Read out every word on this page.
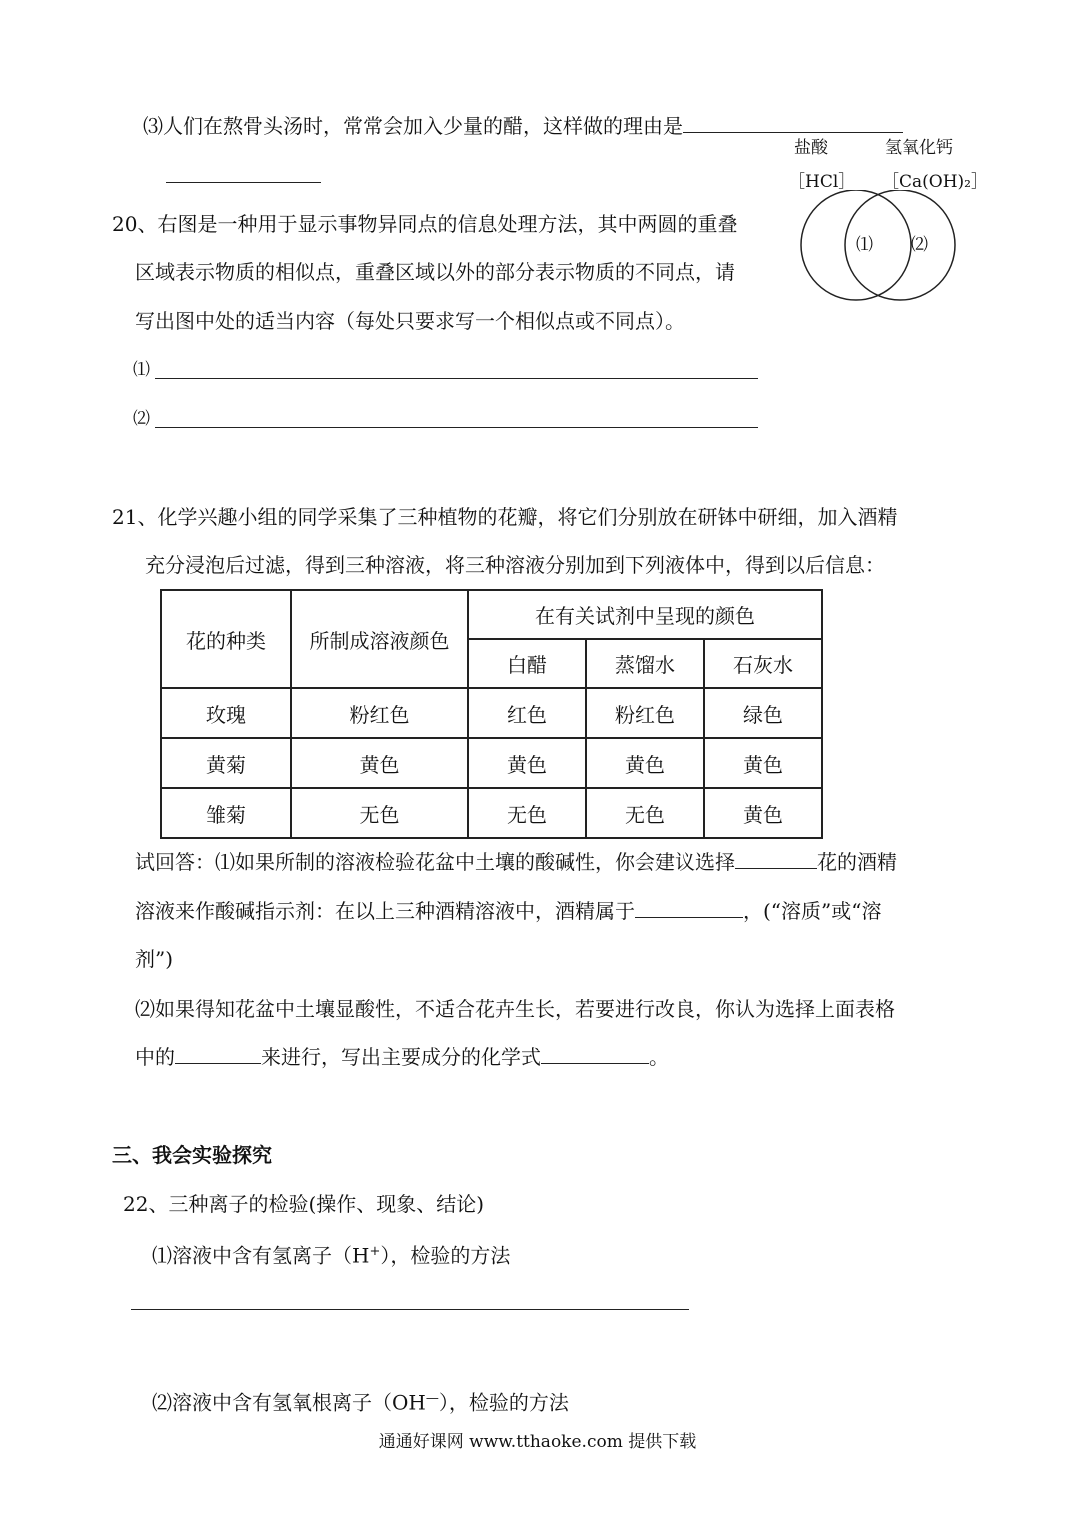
⑶人们在熬骨头汤时，常常会加入少量的醋，这样做的理由是
盐酸	氢氧化钙
［HCl］ ［Ca(OH)₂］
⑴ ⑵
20、右图是一种用于显示事物异同点的信息处理方法，其中两圆的重叠
区域表示物质的相似点，重叠区域以外的部分表示物质的不同点，请
写出图中处的适当内容（每处只要求写一个相似点或不同点）。
⑴
⑵
21、化学兴趣小组的同学采集了三种植物的花瓣，将它们分别放在研钵中研细，加入酒精
充分浸泡后过滤，得到三种溶液，将三种溶液分别加到下列液体中，得到以后信息：
花的种类	所制成溶液颜色	在有关试剂中呈现的颜色		
		白醋	蒸馏水	石灰水
玫瑰	粉红色	红色	粉红色	绿色
黄菊	黄色	黄色	黄色	黄色
雏菊	无色	无色	无色	黄色
试回答：⑴如果所制的溶液检验花盆中土壤的酸碱性，你会建议选择	花的酒精
溶液来作酸碱指示剂：在以上三种酒精溶液中，酒精属于	，(“溶质”或“溶
剂”)
⑵如果得知花盆中土壤显酸性，不适合花卉生长，若要进行改良，你认为选择上面表格
中的	来进行，写出主要成分的化学式	。
三、我会实验探究
22、三种离子的检验(操作、现象、结论)
⑴溶液中含有氢离子（H+），检验的方法
⑵溶液中含有氢氧根离子（OH—），检验的方法
通通好课网 www.tthaoke.com 提供下载
